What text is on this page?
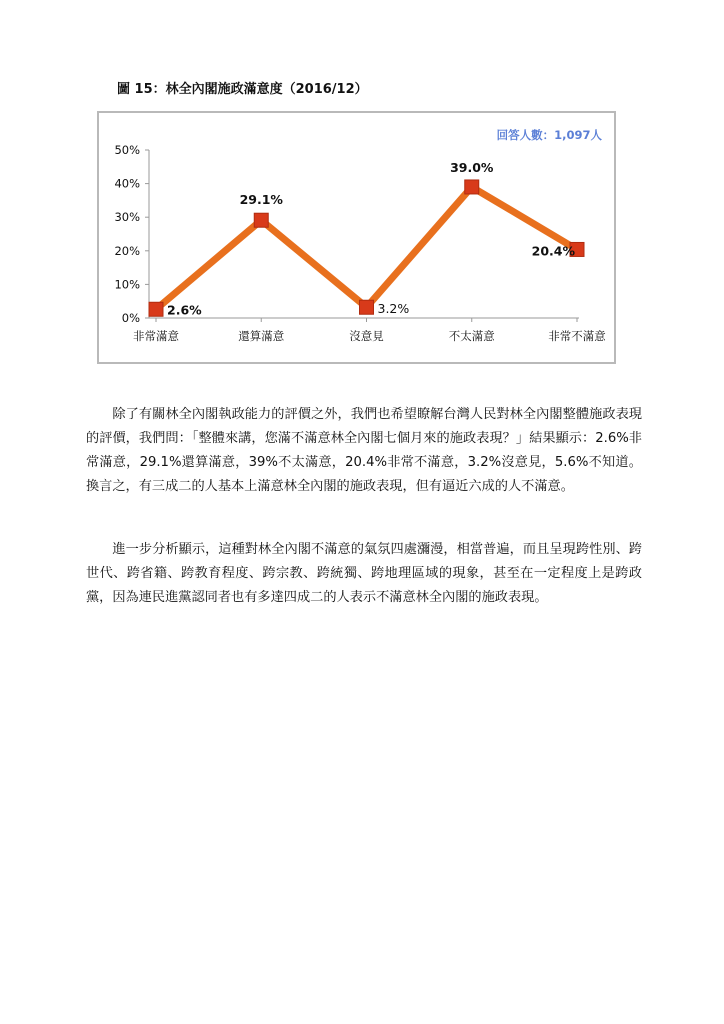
圖 15：林全內閣施政滿意度（2016/12）
回答人數：1,097人
0%
10%
20%
30%
40%
50%
非常滿意	還算滿意	沒意見	不太滿意	非常不滿意
2.6%
29.1%
3.2%
39.0%
20.4%

除了有關林全內閣執政能力的評價之外，我們也希望瞭解台灣人民對林全內閣整體施政表現的評價，我們問：「整體來講，您滿不滿意林全內閣七個月來的施政表現？」結果顯示：2.6%非常滿意，29.1%還算滿意，39%不太滿意，20.4%非常不滿意，3.2%沒意見，5.6%不知道。換言之，有三成二的人基本上滿意林全內閣的施政表現，但有逼近六成的人不滿意。

進一步分析顯示，這種對林全內閣不滿意的氣氛四處瀰漫，相當普遍，而且呈現跨性別、跨世代、跨省籍、跨教育程度、跨宗教、跨統獨、跨地理區域的現象，甚至在一定程度上是跨政黨，因為連民進黨認同者也有多達四成二的人表示不滿意林全內閣的施政表現。
